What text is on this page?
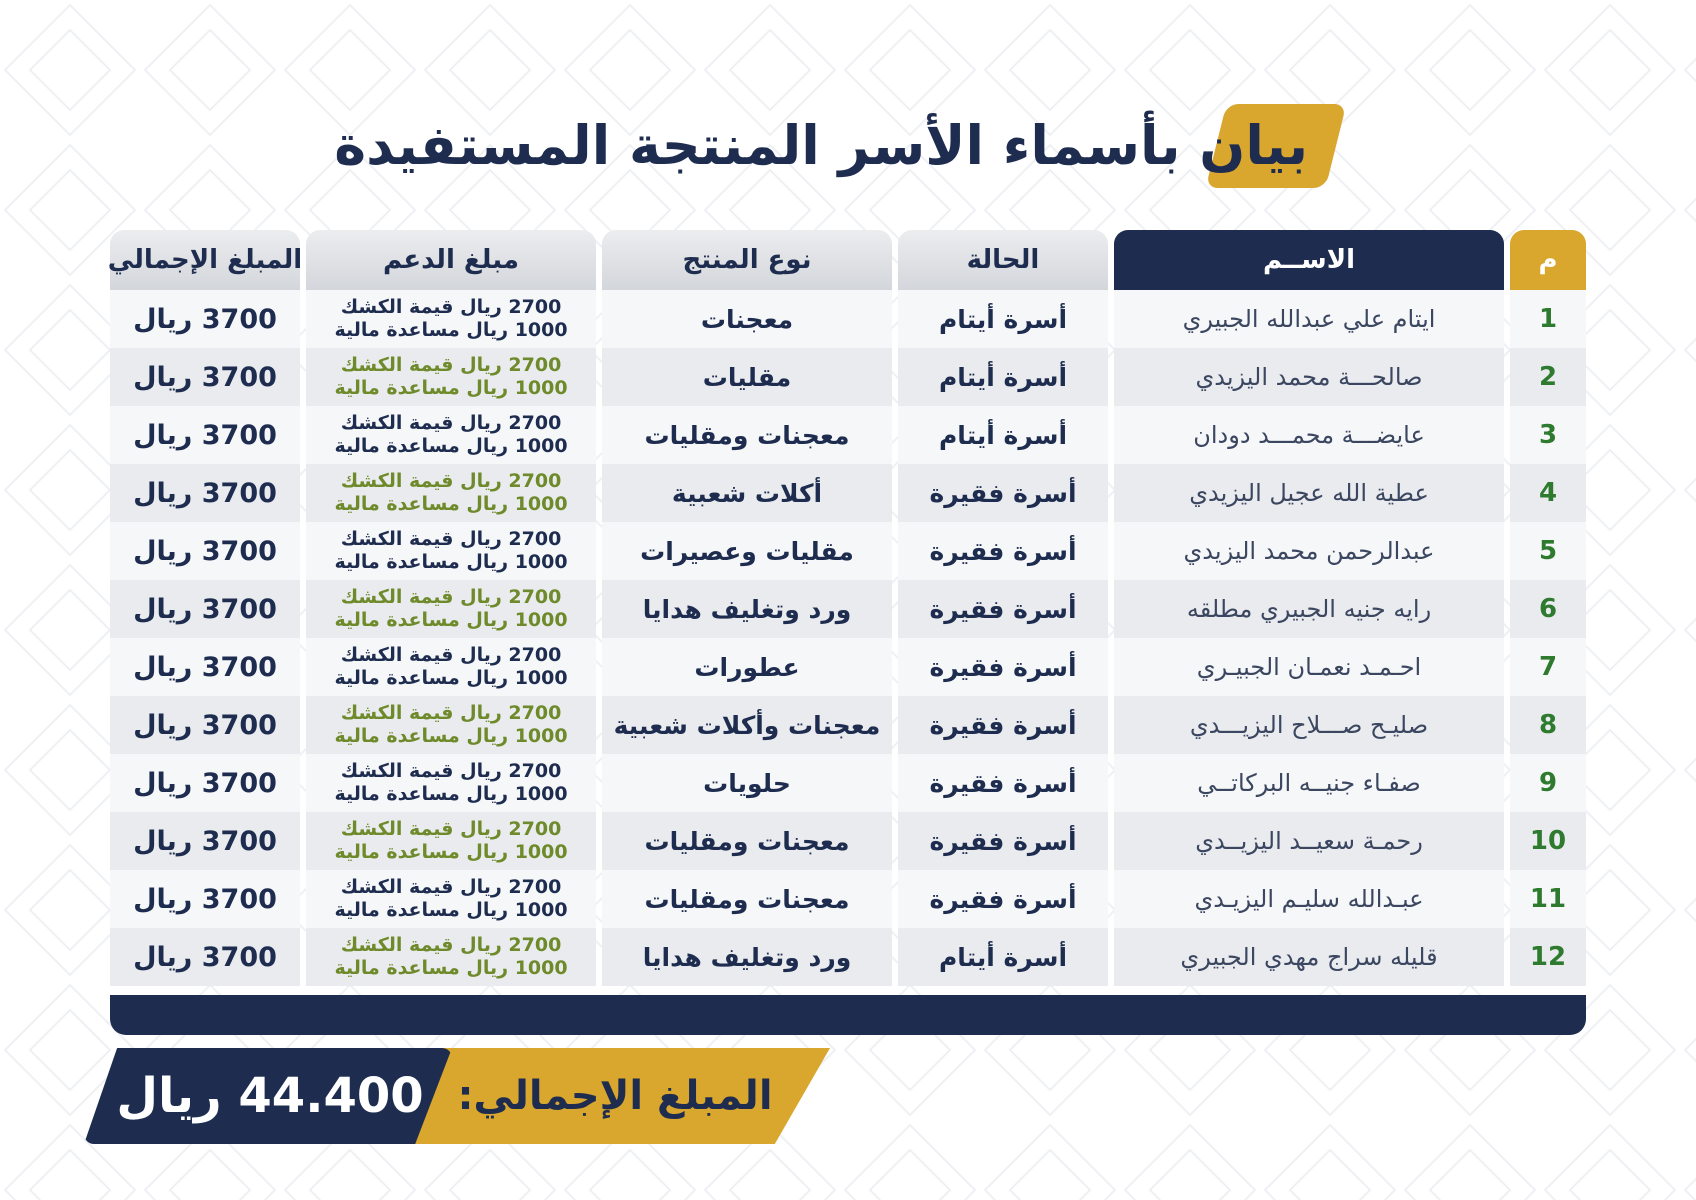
بيان بأسماء الأسر المنتجة المستفيدة
م
1
2
3
4
5
6
7
8
9
10
11
12
الاســم
ايتام علي عبدالله الجبيري
صالحـــة محمد اليزيدي
عايضـــة محمـــد دودان
عطية الله عجيل اليزيدي
عبدالرحمن محمد اليزيدي
رايه جنيه الجبيري مطلقه
احـمـد نعمـان الجبيـري
صليـح صـــلاح اليزيـــدي
صفـاء جنيــه البركاتــي
رحمـة سعيــد اليزيــدي
عبـدالله سليـم اليزيـدي
قليله سراج مهدي الجبيري
الحالة
أسرة أيتام
أسرة أيتام
أسرة أيتام
أسرة فقيرة
أسرة فقيرة
أسرة فقيرة
أسرة فقيرة
أسرة فقيرة
أسرة فقيرة
أسرة فقيرة
أسرة فقيرة
أسرة أيتام
نوع المنتج
معجنات
مقليات
معجنات ومقليات
أكلات شعبية
مقليات وعصيرات
ورد وتغليف هدايا
عطورات
معجنات وأكلات شعبية
حلويات
معجنات ومقليات
معجنات ومقليات
ورد وتغليف هدايا
مبلغ الدعم
2700 ريال قيمة الكشك
1000 ريال مساعدة مالية
2700 ريال قيمة الكشك
1000 ريال مساعدة مالية
2700 ريال قيمة الكشك
1000 ريال مساعدة مالية
2700 ريال قيمة الكشك
1000 ريال مساعدة مالية
2700 ريال قيمة الكشك
1000 ريال مساعدة مالية
2700 ريال قيمة الكشك
1000 ريال مساعدة مالية
2700 ريال قيمة الكشك
1000 ريال مساعدة مالية
2700 ريال قيمة الكشك
1000 ريال مساعدة مالية
2700 ريال قيمة الكشك
1000 ريال مساعدة مالية
2700 ريال قيمة الكشك
1000 ريال مساعدة مالية
2700 ريال قيمة الكشك
1000 ريال مساعدة مالية
2700 ريال قيمة الكشك
1000 ريال مساعدة مالية
المبلغ الإجمالي
3700 ريال
3700 ريال
3700 ريال
3700 ريال
3700 ريال
3700 ريال
3700 ريال
3700 ريال
3700 ريال
3700 ريال
3700 ريال
3700 ريال
المبلغ الإجمالي:
44.400 ريال
